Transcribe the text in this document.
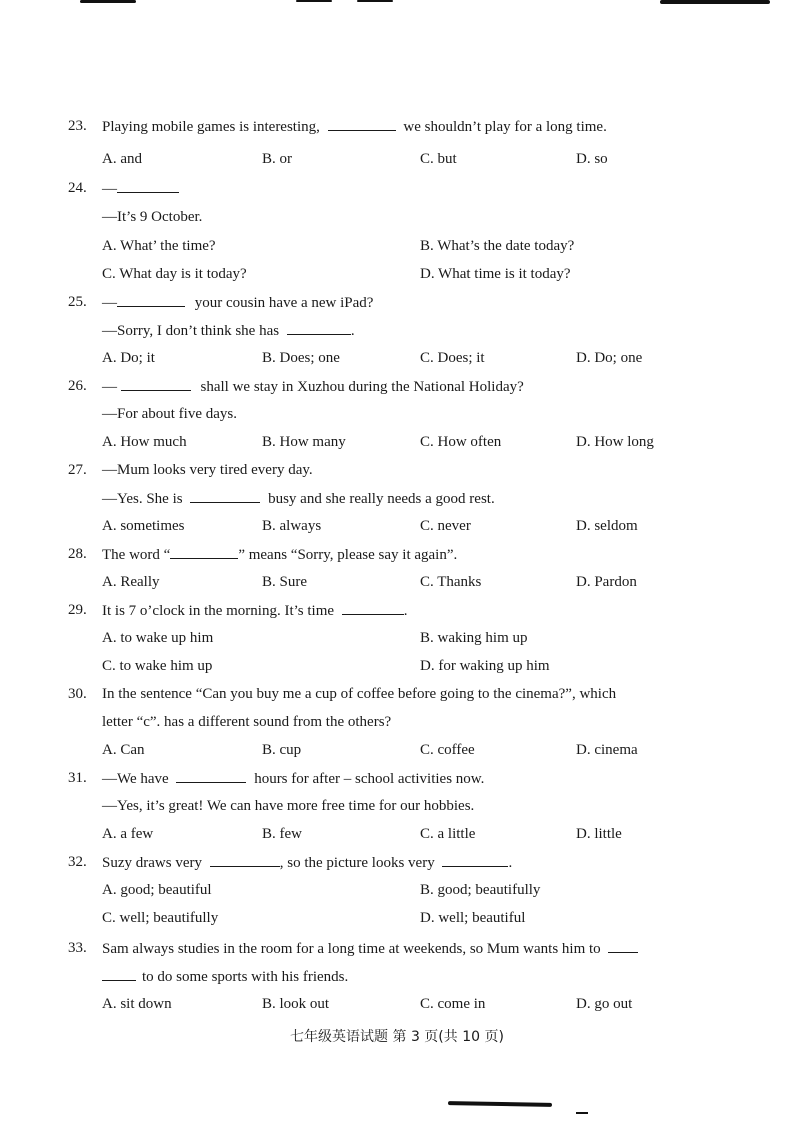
23. Playing mobile games is interesting,	we shouldn’t play for a long time.
A. and	B. or	C. but	D. so
24. —
—It’s 9 October.
A. What’ the time?	B. What’s the date today?
C. What day is it today?	D. What time is it today?
25. —	your cousin have a new iPad?
—Sorry, I don’t think she has	.
A. Do; it	B. Does; one	C. Does; it	D. Do; one
26. —	shall we stay in Xuzhou during the National Holiday?
—For about five days.
A. How much	B. How many	C. How often	D. How long
27. —Mum looks very tired every day.
—Yes. She is	busy and she really needs a good rest.
A. sometimes	B. always	C. never	D. seldom
28. The word “	” means “Sorry, please say it again”.
A. Really	B. Sure	C. Thanks	D. Pardon
29. It is 7 o’clock in the morning. It’s time	.
A. to wake up him	B. waking him up
C. to wake him up	D. for waking up him
30. In the sentence “Can you buy me a cup of coffee before going to the cinema?”, which
letter “c”. has a different sound from the others?
A. Can	B. cup	C. coffee	D. cinema
31. —We have	hours for after – school activities now.
—Yes, it’s great! We can have more free time for our hobbies.
A. a few	B. few	C. a little	D. little
32. Suzy draws very	, so the picture looks very	.
A. good; beautiful	B. good; beautifully
C. well; beautifully	D. well; beautiful
33. Sam always studies in the room for a long time at weekends, so Mum wants him to
to do some sports with his friends.
A. sit down	B. look out	C. come in	D. go out
七年级英语试题 第 3 页(共 10 页)
